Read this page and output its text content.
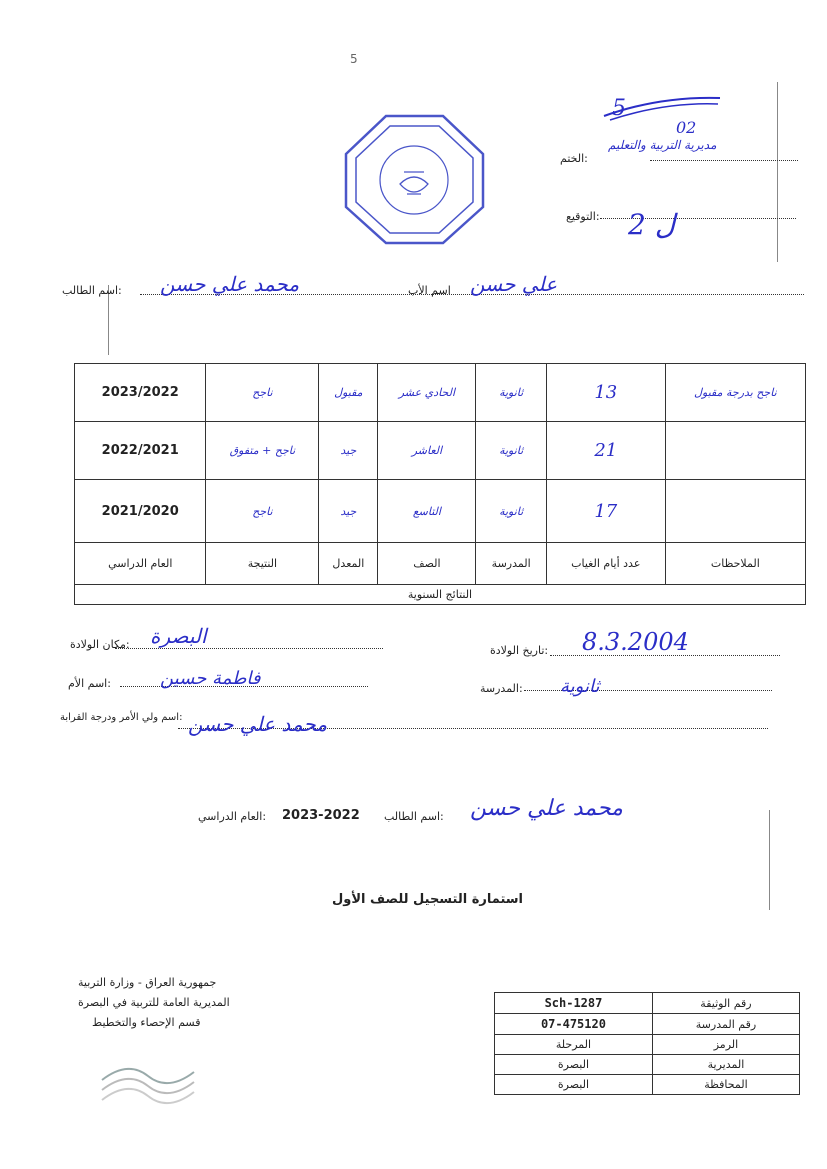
5
5
02
الختم:
مديرية التربية والتعليم
التوقيع: 2 ل
اسم الطالب: محمد علي حسن	اسم الأب علي حسن
2023/2022	ناجح	مقبول	الحادي عشر	ثانوية	13	ناجح بدرجة مقبول
2022/2021	ناجح + متفوق	جيد	العاشر	ثانوية	21	
2021/2020	ناجح	جيد	التاسع	ثانوية	17	
العام الدراسي	النتيجة	المعدل	الصف	المدرسة	عدد أيام الغياب	الملاحظات
النتائج السنوية						
مكان الولادة: البصرة
تاريخ الولادة: 8.3.2004
اسم الأم:	فاطمة حسين	المدرسة: ثانوية
اسم ولي الأمر ودرجة القرابة: محمد علي حسن
العام الدراسي: 2023-2022 اسم الطالب: محمد علي حسن
استمارة التسجيل للصف الأول
جمهورية العراق - وزارة التربية
المديرية العامة للتربية في البصرة
قسم الإحصاء والتخطيط
Sch-1287	رقم الوثيقة
07-475120	رقم المدرسة
المرحلة	الرمز
البصرة	المديرية
البصرة	المحافظة
